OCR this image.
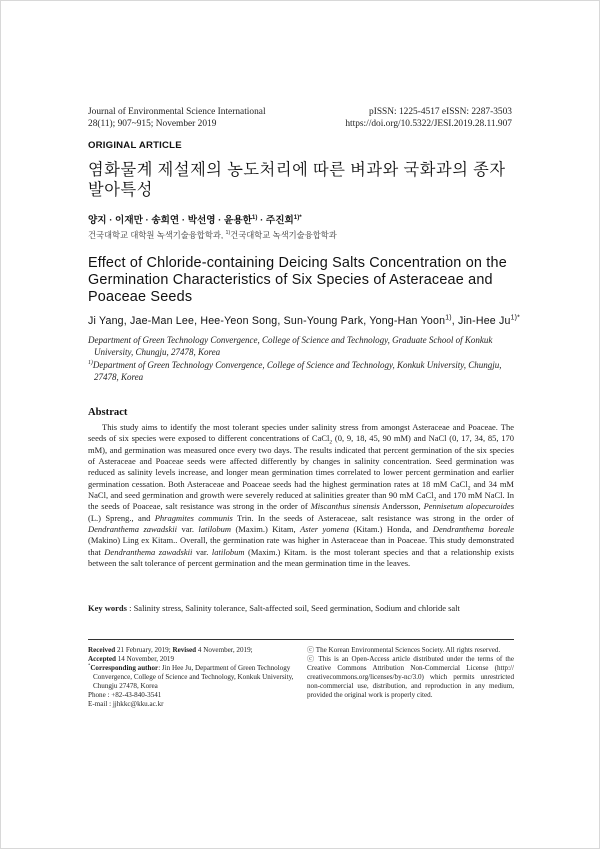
Journal of Environmental Science International
28(11); 907~915; November 2019
pISSN: 1225-4517 eISSN: 2287-3503
https://doi.org/10.5322/JESI.2019.28.11.907
ORIGINAL ARTICLE
염화물계 제설제의 농도처리에 따른 벼과와 국화과의 종자
발아특성
양지 · 이재만 · 송희연 · 박선영 · 윤용한$^{1)}$ · 주진희$^{1)*}$
건국대학교 대학원 녹색기술융합학과, $^{1)}$건국대학교 녹색기술융합학과
Effect of Chloride-containing Deicing Salts Concentration on the Germination Characteristics of Six Species of Asteraceae and Poaceae Seeds
Ji Yang, Jae-Man Lee, Hee-Yeon Song, Sun-Young Park, Yong-Han Yoon$^{1)}$, Jin-Hee $Ju^{1)*}$
Department of Green Technology Convergence, College of Science and Technology, Graduate School of Konkuk
University, Chungju, 27478, Korea
$^{1)}$Department of Green Technology Convergence, College of Science and Technology, Konkuk University, Chungju,
27478, Korea
Abstract

This study aims to identify the most tolerant species under salinity stress from amongst Asteraceae and Poaceae. The seeds of six species were exposed to different concentrations of CaCl$_2$ (0, 9, 18, 45, 90 mM) and NaCl (0, 17, 34, 85, 170 mM), and germination was measured once every two days. The results indicated that percent germination of the six species of Asteraceae and Poaceae seeds were affected differently by changes in salinity concentration. Seed germination was reduced as salinity levels increase, and longer mean germination times correlated to lower percent germination and earlier germination cessation. Both Asteraceae and Poaceae seeds had the highest germination rates at 18 mM CaCl$_2$ and 34 mM NaCl, and seed germination and growth were severely reduced at salinities greater than 90 mM CaCl$_2$ and 170 mM NaCl. In the seeds of Poaceae, salt resistance was strong in the order of Miscanthus sinensis Andersson, Pennisetum alopecuroides (L.) Spreng., and Phragmites communis Trin. In the seeds of Asteraceae, salt resistance was strong in the order of Dendranthema zawadskii var. latilobum (Maxim.) Kitam, Aster yomena (Kitam.) Honda, and Dendranthema boreale (Makino) Ling ex Kitam.. Overall, the germination rate was higher in Asteraceae than in Poaceae. This study demonstrated that Dendranthema zawadskii var. latilobum (Maxim.) Kitam. is the most tolerant species and that a relationship exists between the salt tolerance of percent germination and the mean germination time in the leaves.

Key words : Salinity stress, Salinity tolerance, Salt-affected soil, Seed germination, Sodium and chloride salt
Received 21 February, 2019; Revised 4 November, 2019;
Accepted 14 November, 2019
*Corresponding author: Jin Hee Ju, Department of Green Technology
Convergence, College of Science and Technology, Konkuk University,
Chungju 27478, Korea
Phone : +82-43-840-3541
E-mail : jjhkkc@kku.ac.kr
ⓒ The Korean Environmental Sciences Society. All rights reserved.
ⓒ This is an Open-Access article distributed under the terms of the Creative Commons Attribution Non-Commercial License (http:// creativecommons.org/licenses/by-nc/3.0) which permits unrestricted non-commercial use, distribution, and reproduction in any medium, provided the original work is properly cited.
